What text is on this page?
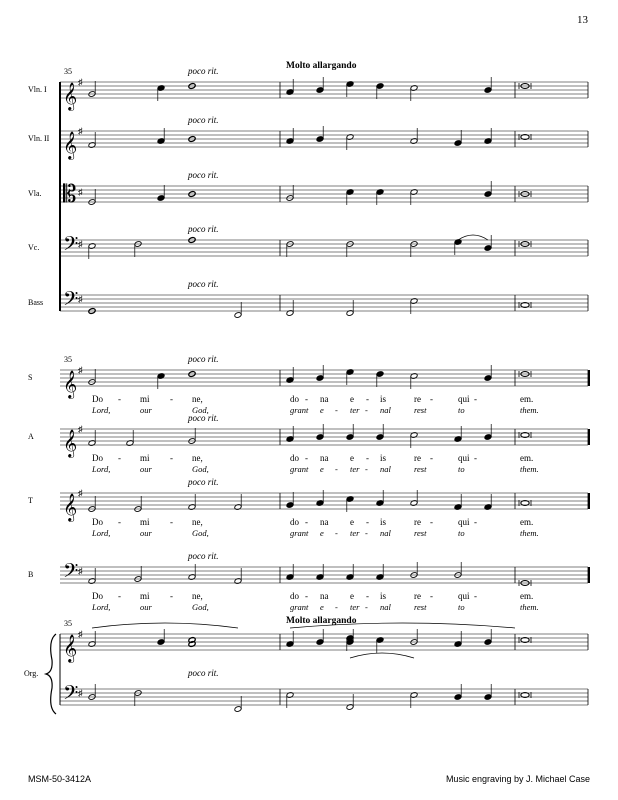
13
Molto allargando
Molto allargando
poco rit.
poco rit.
poco rit.
poco rit.
poco rit.
poco rit.
poco rit.
poco rit.
poco rit.
poco rit.
𝄞
♯
Vln. I
𝄞
♯
Vln. II
𝄡 ♯
Vla.
𝄢 ♯
Vc.
𝄢 ♯
Bass
35
𝄞
♯
S
𝄞
♯
A
𝄞
♯
T
𝄢 ♯
B
35
𝄞
♯
𝄢 ♯
Org.
35
Do - mi - ne,	do - na e - is	re -	qui -	em.
Lord,	our	God,	grant e - ter - nal	rest	to	them.
Do - mi - ne,	do - na e - is	re -	qui -	em.
Lord,	our	God,	grant e - ter - nal	rest	to	them.
Do - mi - ne,	do - na e - is	re -	qui -	em.
Lord,	our	God,	grant e - ter - nal	rest	to	them.
Do - mi - ne,	do - na e - is	re -	qui -	em.
Lord,	our	God,	grant e - ter - nal	rest	to	them.
MSM-50-3412A	Music engraving by J. Michael Case
